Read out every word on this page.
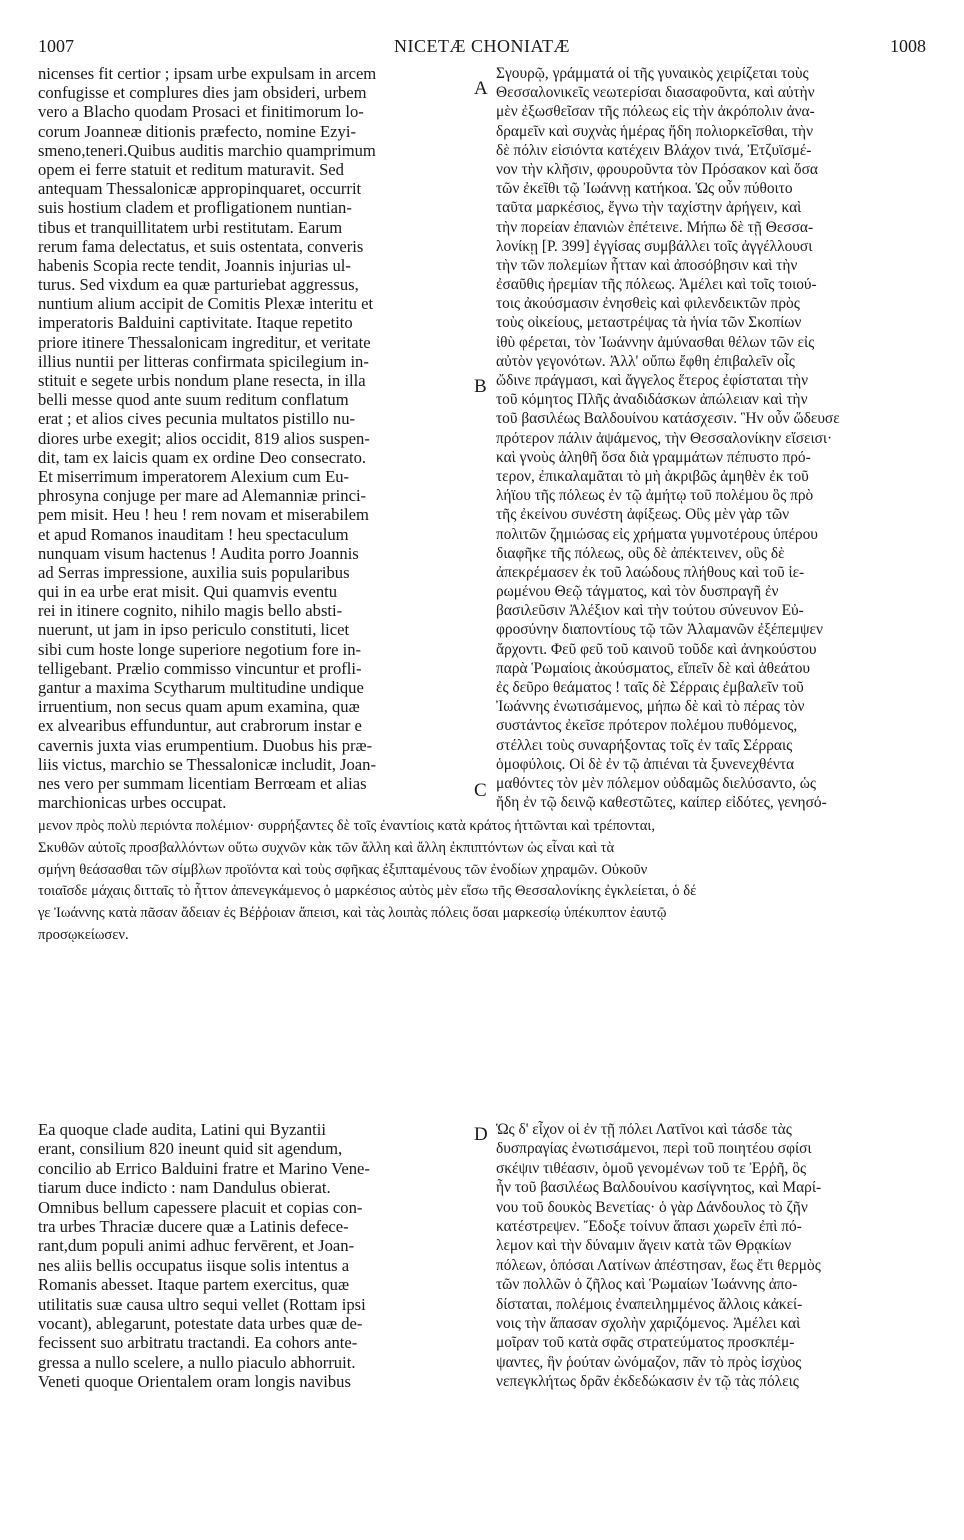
1007	NICETÆ CHONIATÆ	1008
A
B
C
D
nicenses fit certior ; ipsam urbe expulsam in arcem
confugisse et complures dies jam obsideri, urbem
vero a Blacho quodam Prosaci et finitimorum lo-
corum Joanneæ ditionis præfecto, nomine Ezyi-
smeno,teneri.Quibus auditis marchio quamprimum
opem ei ferre statuit et reditum maturavit. Sed
antequam Thessalonicæ appropinquaret, occurrit
suis hostium cladem et profligationem nuntian-
tibus et tranquillitatem urbi restitutam. Earum
rerum fama delectatus, et suis ostentata, converis
habenis Scopia recte tendit, Joannis injurias ul-
turus. Sed vixdum ea quæ parturiebat aggressus,
nuntium alium accipit de Comitis Plexæ interitu et
imperatoris Balduini captivitate. Itaque repetito
priore itinere Thessalonicam ingreditur, et veritate
illius nuntii per litteras confirmata spicilegium in-
stituit e segete urbis nondum plane resecta, in illa
belli messe quod ante suum reditum conflatum
erat ; et alios cives pecunia multatos pistillo nu-
diores urbe exegit; alios occidit, 819 alios suspen-
dit, tam ex laicis quam ex ordine Deo consecrato.
Et miserrimum imperatorem Alexium cum Eu-
phrosyna conjuge per mare ad Alemanniæ princi-
pem misit. Heu ! heu ! rem novam et miserabilem
et apud Romanos inauditam ! heu spectaculum
nunquam visum hactenus ! Audita porro Joannis
ad Serras impressione, auxilia suis popularibus
qui in ea urbe erat misit. Qui quamvis eventu
rei in itinere cognito, nihilo magis bello absti-
nuerunt, ut jam in ipso periculo constituti, licet
sibi cum hoste longe superiore negotium fore in-
telligebant. Prælio commisso vincuntur et profli-
gantur a maxima Scytharum multitudine undique
irruentium, non secus quam apum examina, quæ
ex alvearibus effunduntur, aut crabrorum instar e
cavernis juxta vias erumpentium. Duobus his præ-
liis victus, marchio se Thessalonicæ includit, Joan-
nes vero per summam licentiam Berrœam et alias
marchionicas urbes occupat.
Σγουρῷ, γράμματά οἱ τῆς γυναικὸς χειρίζεται τοὺς
Θεσσαλονικεῖς νεωτερίσαι διασαφοῦντα, καὶ αὐτὴν
μὲν ἐξωσθεῖσαν τῆς πόλεως εἰς τὴν ἀκρόπολιν ἀνα-
δραμεῖν καὶ συχνὰς ἡμέρας ἤδη πολιορκεῖσθαι, τὴν
δὲ πόλιν εἰσιόντα κατέχειν Βλάχον τινά, Ἐτζυϊσμέ-
νον τὴν κλῆσιν, φρουροῦντα τὸν Πρόσακον καὶ ὅσα
τῶν ἐκεῖθι τῷ Ἰωάννῃ κατήκοα. Ὡς οὖν πύθοιτο
ταῦτα μαρκέσιος, ἔγνω τὴν ταχίστην ἀρήγειν, καὶ
τὴν πορείαν ἐπανιὼν ἐπέτεινε. Μήπω δὲ τῇ Θεσσα-
λονίκῃ [P. 399] ἐγγίσας συμβάλλει τοῖς ἀγγέλλουσι
τὴν τῶν πολεμίων ἧτταν καὶ ἀποσόβησιν καὶ τὴν
ἐσαῦθις ἠρεμίαν τῆς πόλεως. Ἀμέλει καὶ τοῖς τοιού-
τοις ἀκούσμασιν ἐνησθεὶς καὶ φιλενδεικτῶν πρὸς
τοὺς οἰκείους, μεταστρέψας τὰ ἡνία τῶν Σκοπίων
ἰθὺ φέρεται, τὸν Ἰωάννην ἀμύνασθαι θέλων τῶν εἰς
αὐτὸν γεγονότων. Ἀλλ' οὔπω ἔφθη ἐπιβαλεῖν οἷς
ὤδινε πράγμασι, καὶ ἄγγελος ἕτερος ἐφίσταται τὴν
τοῦ κόμητος Πλῆς ἀναδιδάσκων ἀπώλειαν καὶ τὴν
τοῦ βασιλέως Βαλδουίνου κατάσχεσιν. Ἣν οὖν ὥδευσε
πρότερον πάλιν ἀψάμενος, τὴν Θεσσαλονίκην εἴσεισι·
καὶ γνοὺς ἀληθῆ ὅσα διὰ γραμμάτων πέπυστο πρό-
τερον, ἐπικαλαμᾶται τὸ μὴ ἀκριβῶς ἀμηθὲν ἐκ τοῦ
λήϊου τῆς πόλεως ἐν τῷ ἀμήτῳ τοῦ πολέμου ὃς πρὸ
τῆς ἐκείνου συνέστη ἀφίξεως. Οὓς μὲν γὰρ τῶν
πολιτῶν ζημιώσας εἰς χρήματα γυμνοτέρους ὑπέρου
διαφῆκε τῆς πόλεως, οὓς δὲ ἀπέκτεινεν, οὓς δὲ
ἀπεκρέμασεν ἐκ τοῦ λαώδους πλήθους καὶ τοῦ ἱε-
ρωμένου Θεῷ τάγματος, καὶ τὸν δυσπραγῆ ἐν
βασιλεῦσιν Ἀλέξιον καὶ τὴν τούτου σύνευνον Εὐ-
φροσύνην διαποντίους τῷ τῶν Ἀλαμανῶν ἐξέπεμψεν
ἄρχοντι. Φεῦ φεῦ τοῦ καινοῦ τοῦδε καὶ ἀνηκούστου
παρὰ Ῥωμαίοις ἀκούσματος, εἴπεῖν δὲ καὶ ἀθεάτου
ἐς δεῦρο θεάματος ! ταῖς δὲ Σέρραις ἐμβαλεῖν τοῦ
Ἰωάννης ἐνωτισάμενος, μήπω δὲ καὶ τὸ πέρας τὸν
συστάντος ἐκεῖσε πρότερον πολέμου πυθόμενος,
στέλλει τοὺς συναρήξοντας τοῖς ἐν ταῖς Σέρραις
ὁμοφύλοις. Οἱ δὲ ἐν τῷ ἀπιέναι τὰ ξυνενεχθέντα
μαθόντες τὸν μὲν πόλεμον οὐδαμῶς διελύσαντο, ὡς
ἤδη ἐν τῷ δεινῷ καθεστῶτες, καίπερ εἰδότες, γενησό-
μενον πρὸς πολὺ περιόντα πολέμιον· συρρήξαντες δὲ τοῖς ἐναντίοις κατὰ κράτος ἡττῶνται καὶ τρέπονται,
Σκυθῶν αὐτοῖς προσβαλλόντων οὕτω συχνῶν κὰκ τῶν ἄλλη καὶ ἄλλη ἐκπιπτόντων ὡς εἶναι καὶ τὰ
σμήνη θεάσασθαι τῶν σίμβλων προϊόντα καὶ τοὺς σφῆκας ἐξιπταμένους τῶν ἐνοδίων χηραμῶν. Οὐκοῦν
τοιαῖσδε μάχαις διτταῖς τὸ ἧττον ἀπενεγκάμενος ὁ μαρκέσιος αὐτὸς μὲν εἴσω τῆς Θεσσαλονίκης ἐγκλείεται, ὁ δέ
γε Ἰωάννης κατὰ πᾶσαν ἄδειαν ἐς Βέῤῥοιαν ἄπεισι, καὶ τὰς λοιπὰς πόλεις ὅσαι μαρκεσίῳ ὑπέκυπτον ἑαυτῷ
προσῳκείωσεν.
Ea quoque clade audita, Latini qui Byzantii
erant, consilium 820 ineunt quid sit agendum,
concilio ab Errico Balduini fratre et Marino Vene-
tiarum duce indicto : nam Dandulus obierat.
Omnibus bellum capessere placuit et copias con-
tra urbes Thraciæ ducere quæ a Latinis defece-
rant,dum populi animi adhuc fervērent, et Joan-
nes aliis bellis occupatus iisque solis intentus a
Romanis abesset. Itaque partem exercitus, quæ
utilitatis suæ causa ultro sequi vellet (Rottam ipsi
vocant), ablegarunt, potestate data urbes quæ de-
fecissent suo arbitratu tractandi. Ea cohors ante-
gressa a nullo scelere, a nullo piaculo abhorruit.
Veneti quoque Orientalem oram longis navibus
Ὡς δ' εἶχον οἱ ἐν τῇ πόλει Λατῖνοι καὶ τάσδε τὰς
δυσπραγίας ἐνωτισάμενοι, περὶ τοῦ ποιητέου σφίσι
σκέψιν τιθέασιν, ὁμοῦ γενομένων τοῦ τε Ἐρῥῆ, ὃς
ἦν τοῦ βασιλέως Βαλδουίνου κασίγνητος, καὶ Μαρί-
νου τοῦ δουκὸς Βενετίας· ὁ γὰρ Δάνδουλος τὸ ζῆν
κατέστρεψεν. Ἔδοξε τοίνυν ἅπασι χωρεῖν ἐπὶ πό-
λεμον καὶ τὴν δύναμιν ἄγειν κατὰ τῶν Θρᾳκίων
πόλεων, ὁπόσαι Λατίνων ἀπέστησαν, ἕως ἔτι θερμὸς
τῶν πολλῶν ὁ ζῆλος καὶ Ῥωμαίων Ἰωάννης ἀπο-
δίσταται, πολέμοις ἐναπειλημμένος ἄλλοις κἀκεί-
νοις τὴν ἅπασαν σχολὴν χαριζόμενος. Ἀμέλει καὶ
μοῖραν τοῦ κατὰ σφᾶς στρατεύματος προσκπέμ-
ψαντες, ἣν ῥούταν ὠνόμαζον, πᾶν τὸ πρὸς ἰσχὺος
νεπεγκλήτως δρᾶν ἐκδεδώκασιν ἐν τῷ τὰς πόλεις
